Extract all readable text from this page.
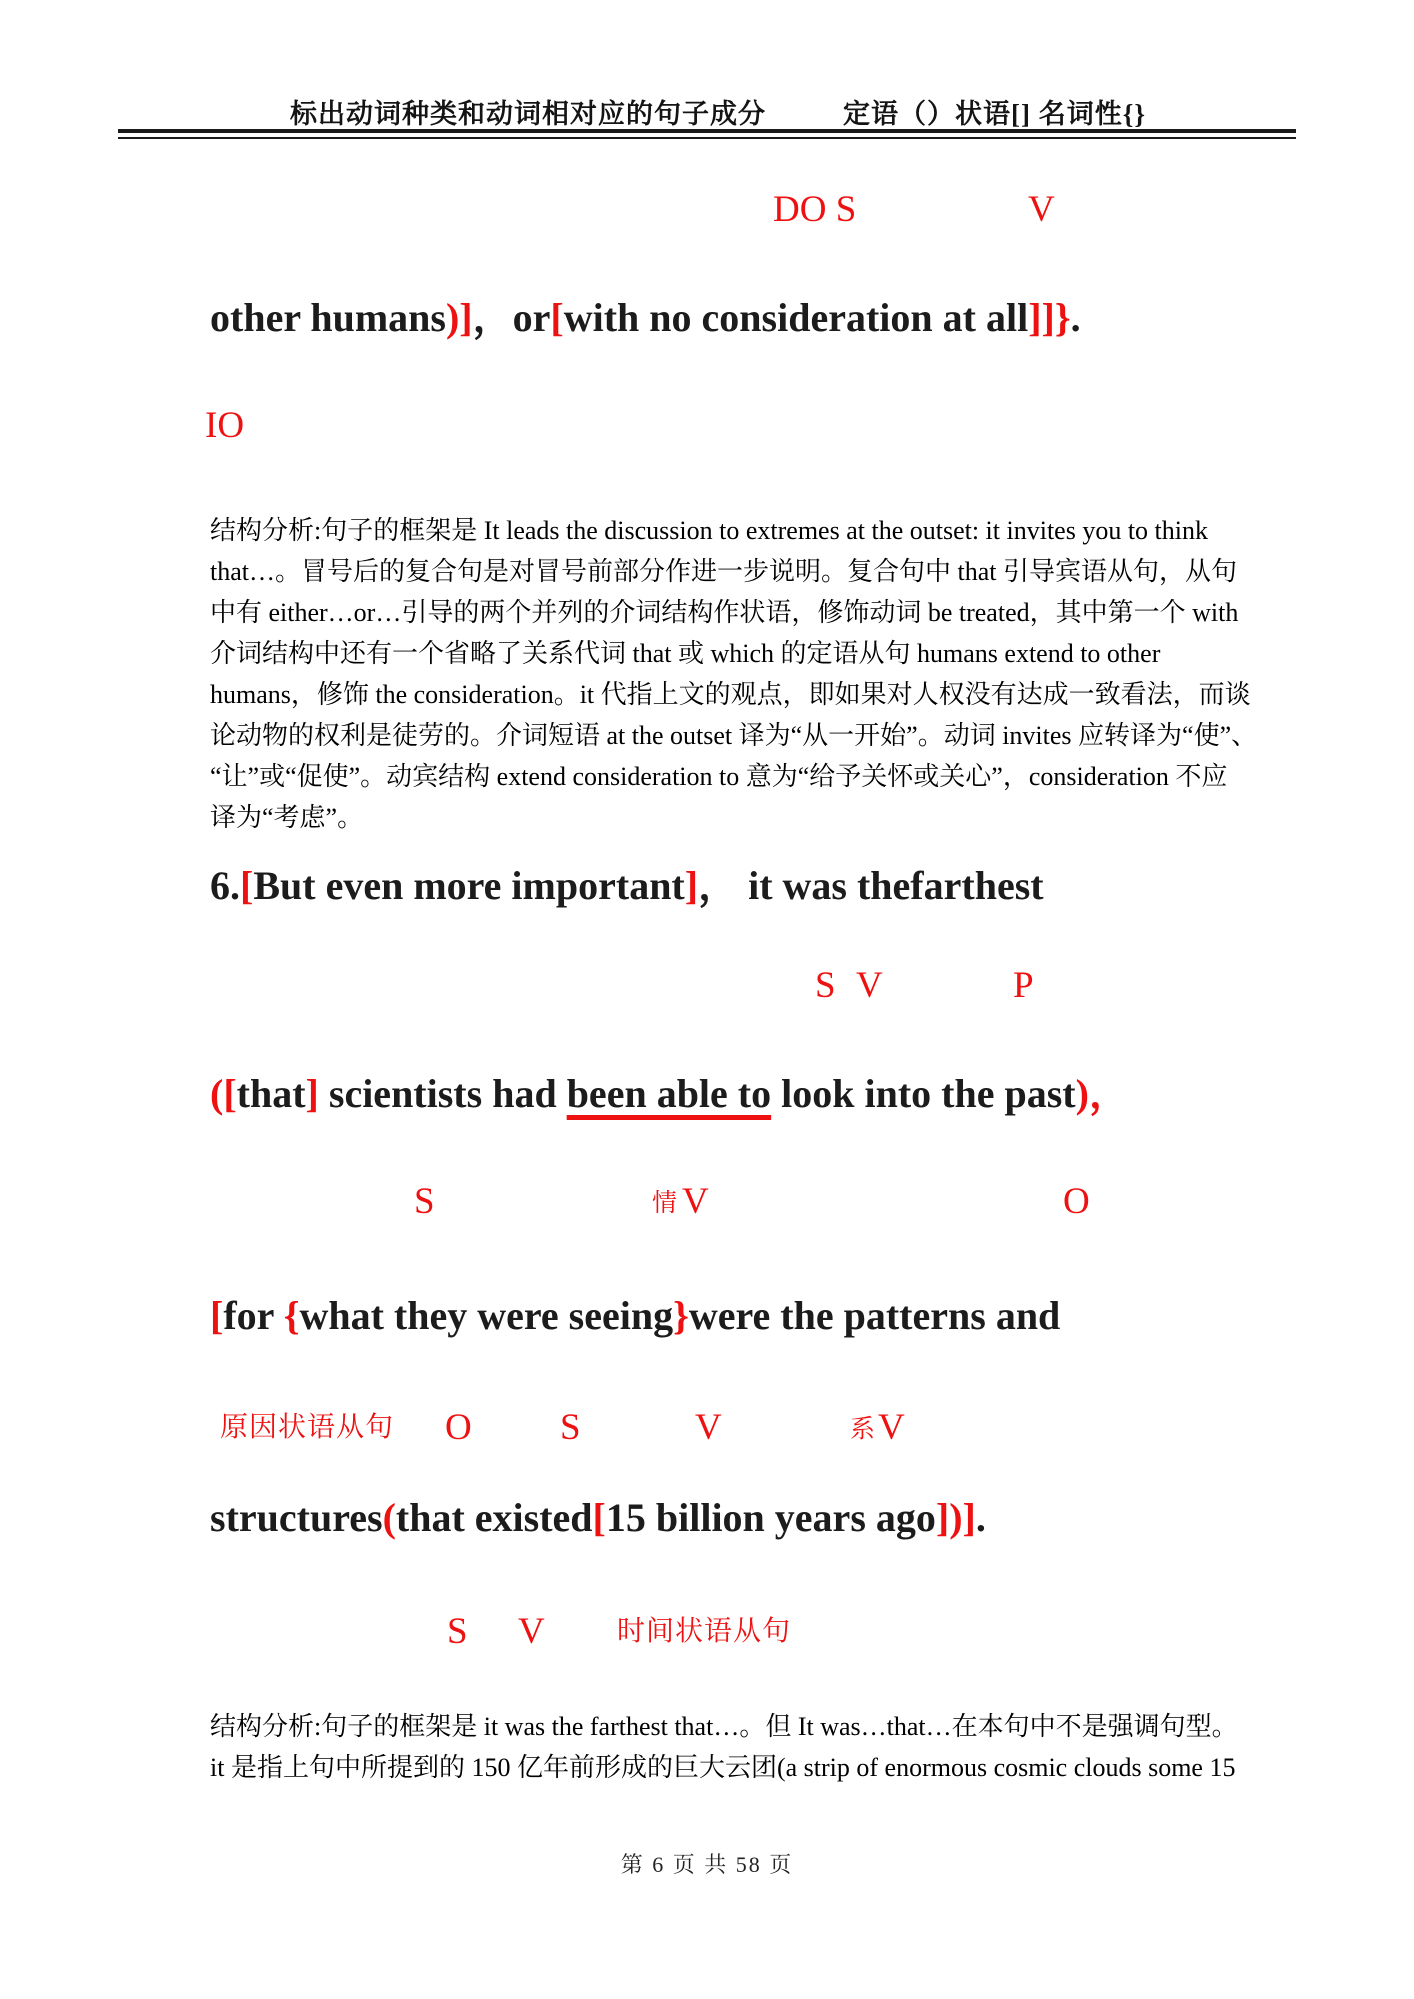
标出动词种类和动词相对应的句子成分	定语（）状语[] 名词性{}
DO S	V
other humans)]，or[with no consideration at all]]}.
IO
结构分析:句子的框架是 It leads the discussion to extremes at the outset: it invites you to think
that…。冒号后的复合句是对冒号前部分作进一步说明。复合句中 that 引导宾语从句，从句
中有 either…or…引导的两个并列的介词结构作状语，修饰动词 be treated，其中第一个 with
介词结构中还有一个省略了关系代词 that 或 which 的定语从句 humans extend to other
humans，修饰 the consideration。it 代指上文的观点，即如果对人权没有达成一致看法，而谈
论动物的权利是徒劳的。介词短语 at the outset 译为“从一开始”。动词 invites 应转译为“使”、
“让”或“促使”。动宾结构 extend consideration to 意为“给予关怀或关心”，consideration 不应
译为“考虑”。
6.[But even more important]， it was thefarthest
S V	P
([that] scientists had been able to look into the past)，
S	情 V	O
[for {what they were seeing}were the patterns and
原因状语从句 O S	V	系 V
structures(that existed[15 billion years ago])].
S V	时间状语从句
结构分析:句子的框架是 it was the farthest that…。但 It was…that…在本句中不是强调句型。
it 是指上句中所提到的 150 亿年前形成的巨大云团(a strip of enormous cosmic clouds some 15
第 6 页 共 58 页
